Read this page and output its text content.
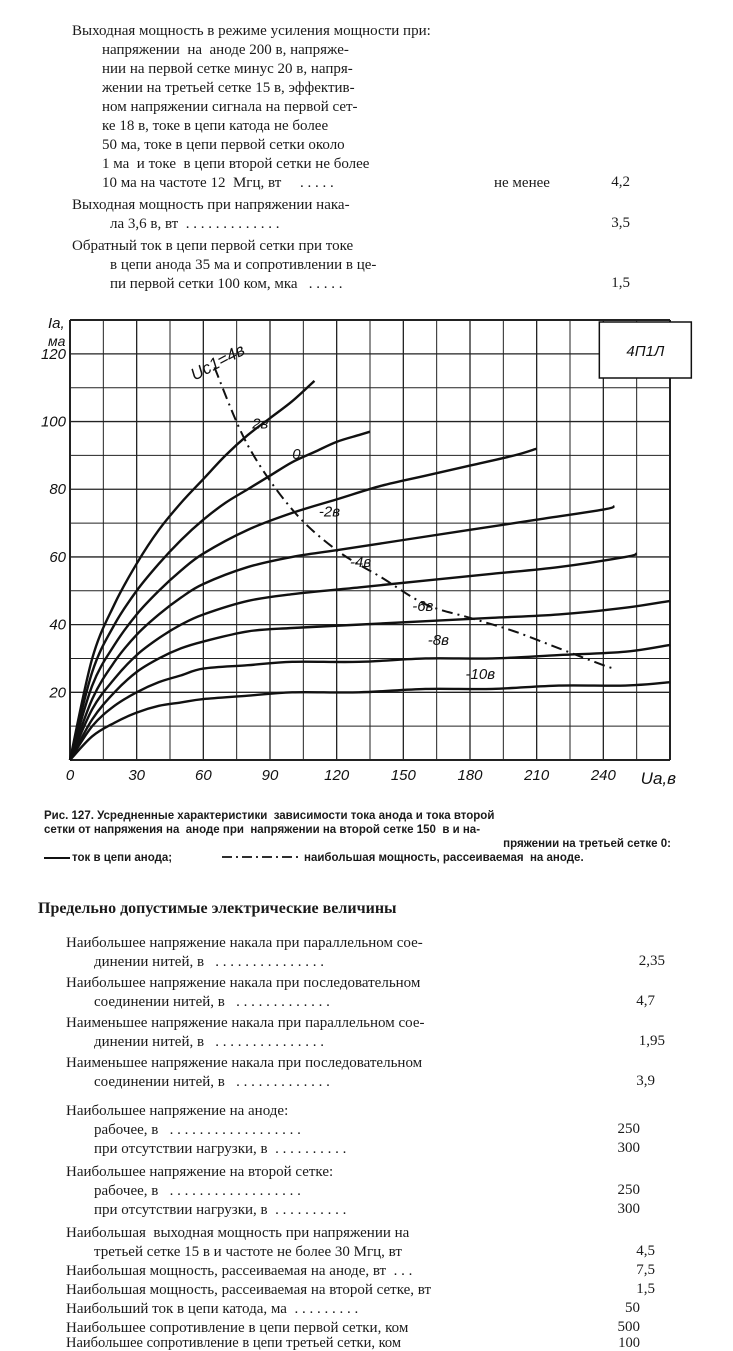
Выходная мощность в режиме усиления мощности при:
напряжении  на  аноде 200 в, напряже-
нии на первой сетке минус 20 в, напря-
жении на третьей сетке 15 в, эффектив-
ном напряжении сигнала на первой сет-
ке 18 в, токе в цепи катода не более
50 ма, токе в цепи первой сетки около
1 ма  и токе  в цепи второй сетки не более
10 ма на частоте 12  Мгц, вт     . . . . .	не менее	4,2
Выходная мощность при напряжении нака-
ла 3,6 в, вт  . . . . . . . . . . . . .	3,5
Обратный ток в цепи первой сетки при токе
в цепи анода 35 ма и сопротивлении в це-
пи первой сетки 100 ком, мка   . . . . .	1,5
0	30	60	90	120	150	180	210	240
20
40
60
80
100
120	Uc1=4в
2в
0
-2в
-4в
-6в
-8в
-10в
4П1Л
Iа,
ма
Uа,в
Рис. 127. Усредненные характеристики  зависимости тока анода и тока второй
сетки от напряжения на  аноде при  напряжении на второй сетке 150  в и на-
пряжении на третьей сетке 0:
ток в цепи анода;	наибольшая мощность, рассеиваемая  на аноде.
Предельно допустимые электрические величины
Наибольшее напряжение накала при параллельном сое-
динении нитей, в   . . . . . . . . . . . . . . .	2,35
Наибольшее напряжение накала при последовательном
соединении нитей, в   . . . . . . . . . . . . .	4,7
Наименьшее напряжение накала при параллельном сое-
динении нитей, в   . . . . . . . . . . . . . . .	1,95
Наименьшее напряжение накала при последовательном
соединении нитей, в   . . . . . . . . . . . . .	3,9
Наибольшее напряжение на аноде:
рабочее, в   . . . . . . . . . . . . . . . . . .	250
при отсутствии нагрузки, в  . . . . . . . . . .	300
Наибольшее напряжение на второй сетке:
рабочее, в   . . . . . . . . . . . . . . . . . .	250
при отсутствии нагрузки, в  . . . . . . . . . .	300
Наибольшая  выходная мощность при напряжении на
третьей сетке 15 в и частоте не более 30 Мгц, вт	4,5
Наибольшая мощность, рассеиваемая на аноде, вт  . . .	7,5
Наибольшая мощность, рассеиваемая на второй сетке, вт	1,5
Наибольший ток в цепи катода, ма  . . . . . . . . .	50
Наибольшее сопротивление в цепи первой сетки, ком	500
Наибольшее сопротивление в цепи третьей сетки, ком	100
